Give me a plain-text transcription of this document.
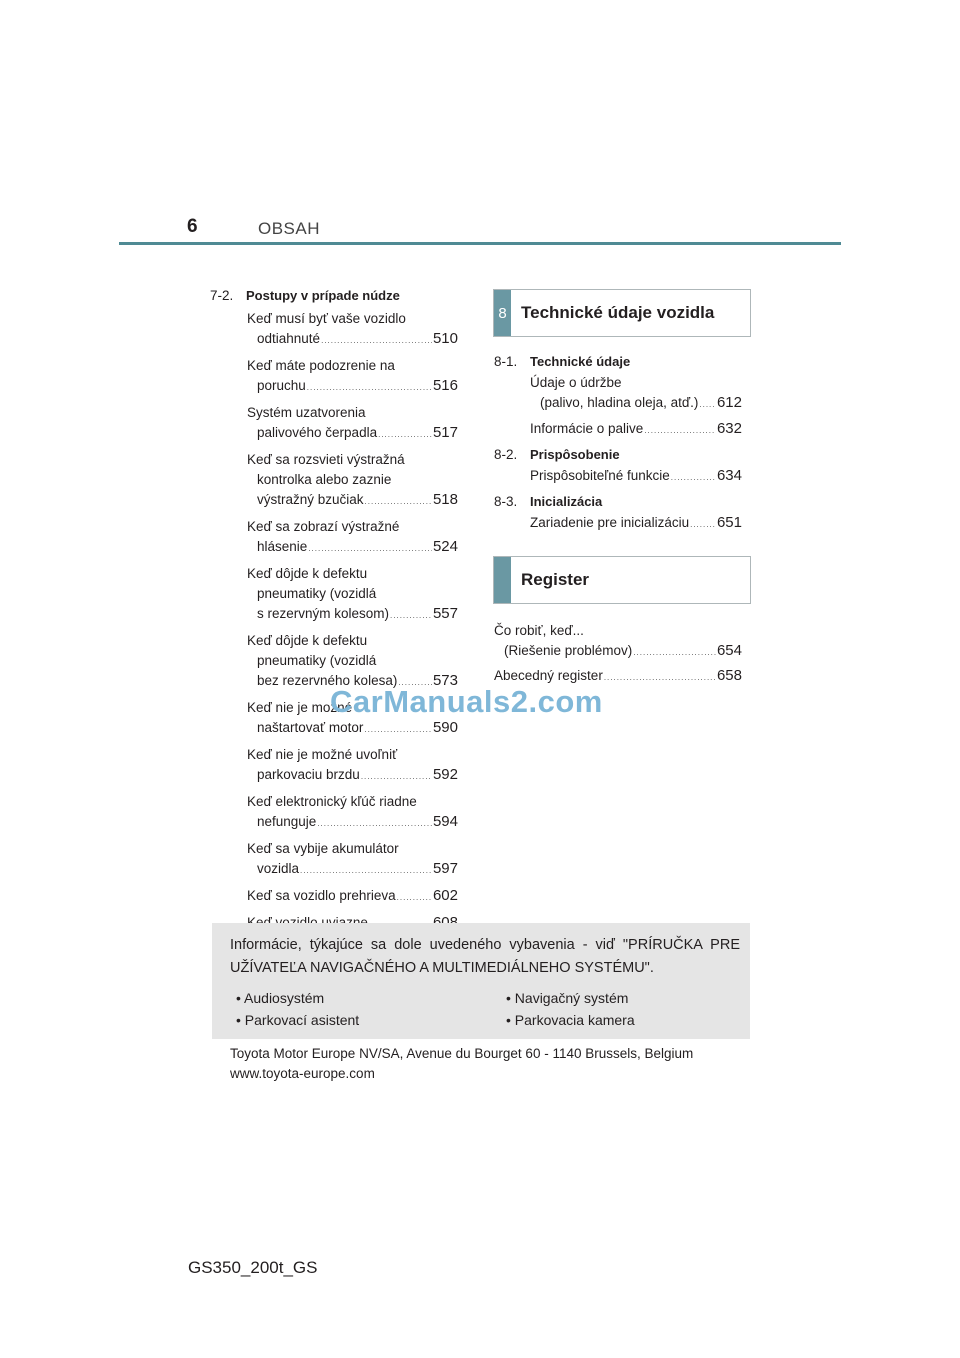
6	OBSAH
7-2. Postupy v prípade núdze
Keď musí byť vaše vozidlo
odtiahnuté .....	510
Keď máte podozrenie na
poruchu .....	516
Systém uzatvorenia
palivového čerpadla .....	517
Keď sa rozsvieti výstražná
kontrolka alebo zaznie
výstražný bzučiak .....	518
Keď sa zobrazí výstražné
hlásenie .....	524
Keď dôjde k defektu
pneumatiky (vozidlá
s rezervným kolesom) .....	557
Keď dôjde k defektu
pneumatiky (vozidlá
bez rezervného kolesa) ..... 573
Keď nie je možné
naštartovať motor .....	590
Keď nie je možné uvoľniť
parkovaciu brzdu .....	592
Keď elektronický kľúč riadne
nefunguje .....	594
Keď sa vybije akumulátor
vozidla .....	597
Keď sa vozidlo prehrieva ..... 602
.....
8 Technické údaje vozidla
8-1. Technické údaje
Údaje o údržbe
(palivo, hladina oleja, atď.) ..... 612
Informácie o palive .....	632
8-2. Prispôsobenie
Prispôsobiteľné funkcie .....	634
8-3. Inicializácia
Zariadenie pre inicializáciu ..... 651
Register
Čo robiť, keď...
(Riešenie problémov) .....	654
Abecedný register .....	658
CarManuals2.com
Informácie, týkajúce sa dole uvedeného vybavenia - viď "PRÍRUČKA PRE UŽÍVATEĽA NAVIGAČNÉHO A MULTIMEDIÁLNEHO SYSTÉMU".
• Audiosystém	• Navigačný systém
• Parkovací asistent	• Parkovacia kamera
Toyota Motor Europe NV/SA, Avenue du Bourget 60 - 1140 Brussels, Belgium
www.toyota-europe.com
GS350_200t_GS
